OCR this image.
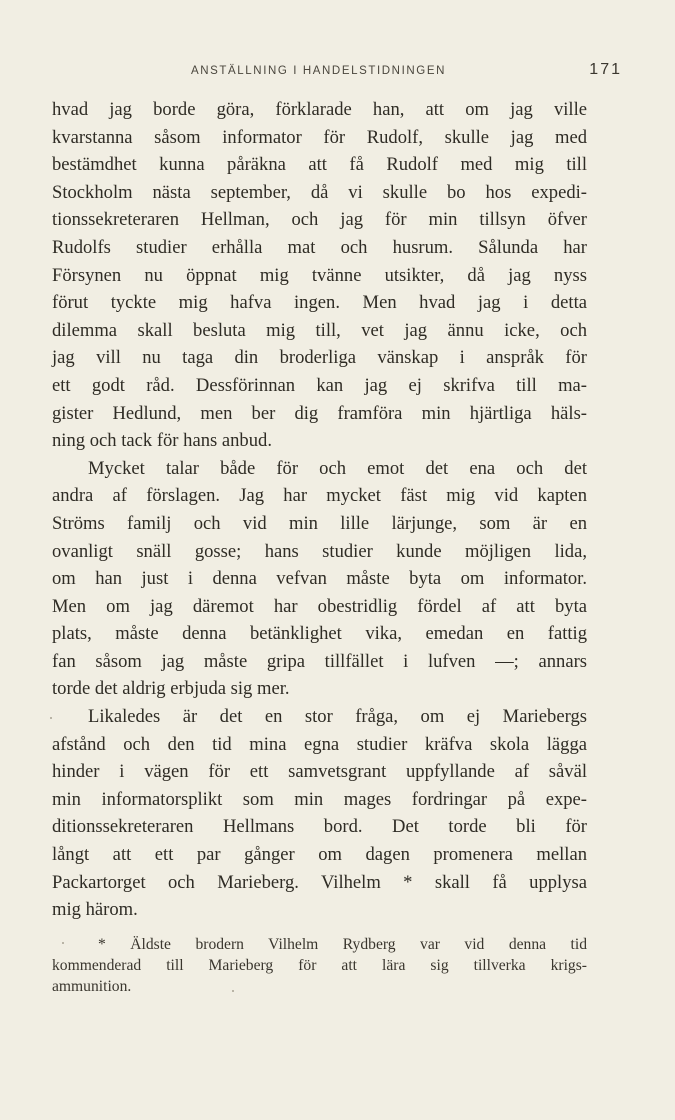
ANSTÄLLNING I HANDELSTIDNINGEN	171
hvad jag borde göra, förklarade han, att om jag ville
kvarstanna såsom informator för Rudolf, skulle jag med
bestämdhet kunna påräkna att få Rudolf med mig till
Stockholm nästa september, då vi skulle bo hos expedi-
tionssekreteraren Hellman, och jag för min tillsyn öfver
Rudolfs studier erhålla mat och husrum. Sålunda har
Försynen nu öppnat mig tvänne utsikter, då jag nyss
förut tyckte mig hafva ingen. Men hvad jag i detta
dilemma skall besluta mig till, vet jag ännu icke, och
jag vill nu taga din broderliga vänskap i anspråk för
ett godt råd. Dessförinnan kan jag ej skrifva till ma-
gister Hedlund, men ber dig framföra min hjärtliga häls-
ning och tack för hans anbud.
Mycket talar både för och emot det ena och det
andra af förslagen. Jag har mycket fäst mig vid kapten
Ströms familj och vid min lille lärjunge, som är en
ovanligt snäll gosse; hans studier kunde möjligen lida,
om han just i denna vefvan måste byta om informator.
Men om jag däremot har obestridlig fördel af att byta
plats, måste denna betänklighet vika, emedan en fattig
fan såsom jag måste gripa tillfället i lufven —; annars
torde det aldrig erbjuda sig mer.
Likaledes är det en stor fråga, om ej Mariebergs
afstånd och den tid mina egna studier kräfva skola lägga
hinder i vägen för ett samvetsgrant uppfyllande af såväl
min informatorsplikt som min mages fordringar på expe-
ditionssekreteraren Hellmans bord. Det torde bli för
långt att ett par gånger om dagen promenera mellan
Packartorget och Marieberg. Vilhelm * skall få upplysa
mig härom.
* Äldste brodern Vilhelm Rydberg var vid denna tid
kommenderad till Marieberg för att lära sig tillverka krigs-
ammunition.
